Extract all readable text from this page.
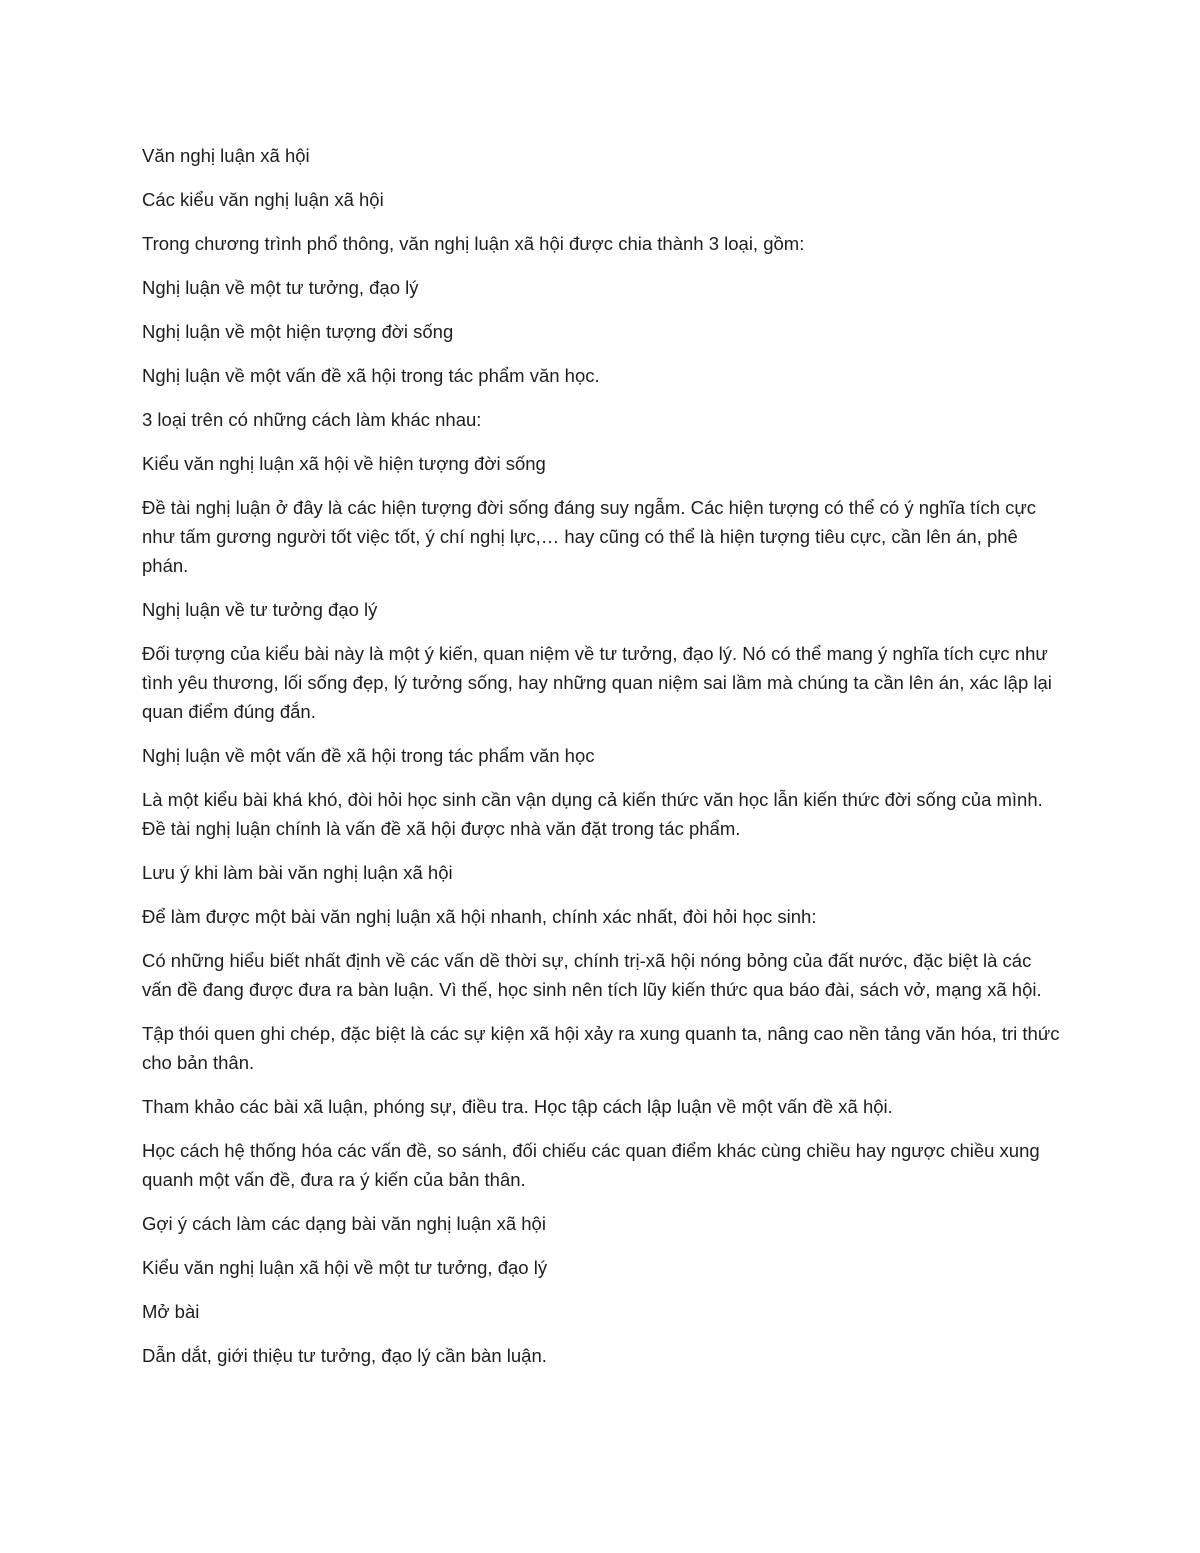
Văn nghị luận xã hội

Các kiểu văn nghị luận xã hội

Trong chương trình phổ thông, văn nghị luận xã hội được chia thành 3 loại, gồm:

Nghị luận về một tư tưởng, đạo lý

Nghị luận về một hiện tượng đời sống

Nghị luận về một vấn đề xã hội trong tác phẩm văn học.

3 loại trên có những cách làm khác nhau:

Kiểu văn nghị luận xã hội về hiện tượng đời sống

Đề tài nghị luận ở đây là các hiện tượng đời sống đáng suy ngẫm. Các hiện tượng có thể có ý nghĩa tích cực như tấm gương người tốt việc tốt, ý chí nghị lực,… hay cũng có thể là hiện tượng tiêu cực, cần lên án, phê phán.

Nghị luận về tư tưởng đạo lý

Đối tượng của kiểu bài này là một ý kiến, quan niệm về tư tưởng, đạo lý. Nó có thể mang ý nghĩa tích cực như tình yêu thương, lối sống đẹp, lý tưởng sống, hay những quan niệm sai lầm mà chúng ta cần lên án, xác lập lại quan điểm đúng đắn.

Nghị luận về một vấn đề xã hội trong tác phẩm văn học

Là một kiểu bài khá khó, đòi hỏi học sinh cần vận dụng cả kiến thức văn học lẫn kiến thức đời sống của mình. Đề tài nghị luận chính là vấn đề xã hội được nhà văn đặt trong tác phẩm.

Lưu ý khi làm bài văn nghị luận xã hội

Để làm được một bài văn nghị luận xã hội nhanh, chính xác nhất, đòi hỏi học sinh:

Có những hiểu biết nhất định về các vấn dề thời sự, chính trị-xã hội nóng bỏng của đất nước, đặc biệt là các vấn đề đang được đưa ra bàn luận. Vì thế, học sinh nên tích lũy kiến thức qua báo đài, sách vở, mạng xã hội.

Tập thói quen ghi chép, đặc biệt là các sự kiện xã hội xảy ra xung quanh ta, nâng cao nền tảng văn hóa, tri thức cho bản thân.

Tham khảo các bài xã luận, phóng sự, điều tra. Học tập cách lập luận về một vấn đề xã hội.

Học cách hệ thống hóa các vấn đề, so sánh, đối chiếu các quan điểm khác cùng chiều hay ngược chiều xung quanh một vấn đề, đưa ra ý kiến của bản thân.

Gợi ý cách làm các dạng bài văn nghị luận xã hội

Kiểu văn nghị luận xã hội về một tư tưởng, đạo lý

Mở bài

Dẫn dắt, giới thiệu tư tưởng, đạo lý cần bàn luận.
